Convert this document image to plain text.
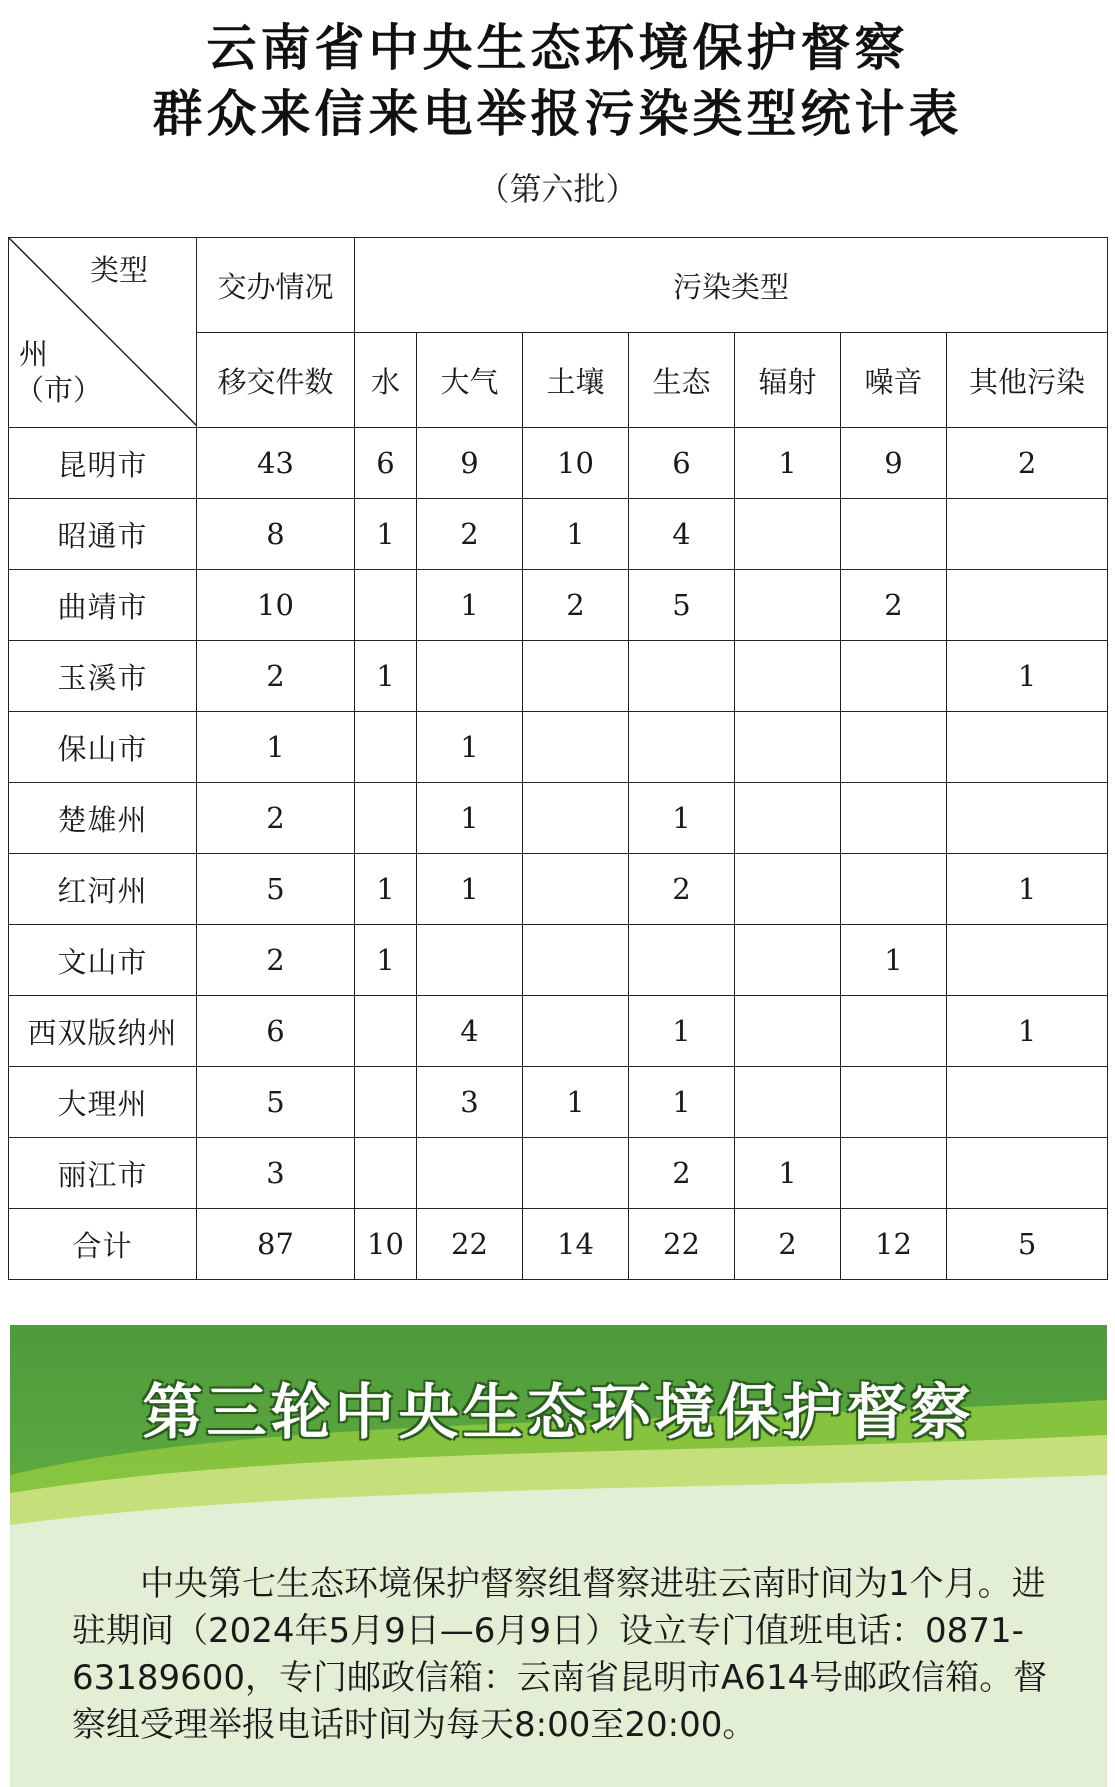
云南省中央生态环境保护督察
群众来信来电举报污染类型统计表
（第六批）
类型
州
（市）	交办情况	污染类型						
	移交件数	水	大气	土壤	生态	辐射	噪音	其他污染
昆明市	43	6	9	10	6	1	9	2
昭通市	8	1	2	1	4			
曲靖市	10		1	2	5		2	
玉溪市	2	1						1
保山市	1		1					
楚雄州	2		1		1			
红河州	5	1	1		2			1
文山市	2	1					1	
西双版纳州	6		4		1			1
大理州	5		3	1	1			
丽江市	3				2	1		
合计	87	10	22	14	22	2	12	5
第三轮中央生态环境保护督察

中央第七生态环境保护督察组督察进驻云南时间为1个月。进驻期间（2024年5月9日—6月9日）设立专门值班电话：0871-63189600，专门邮政信箱：云南省昆明市A614号邮政信箱。督察组受理举报电话时间为每天8:00至20:00。
